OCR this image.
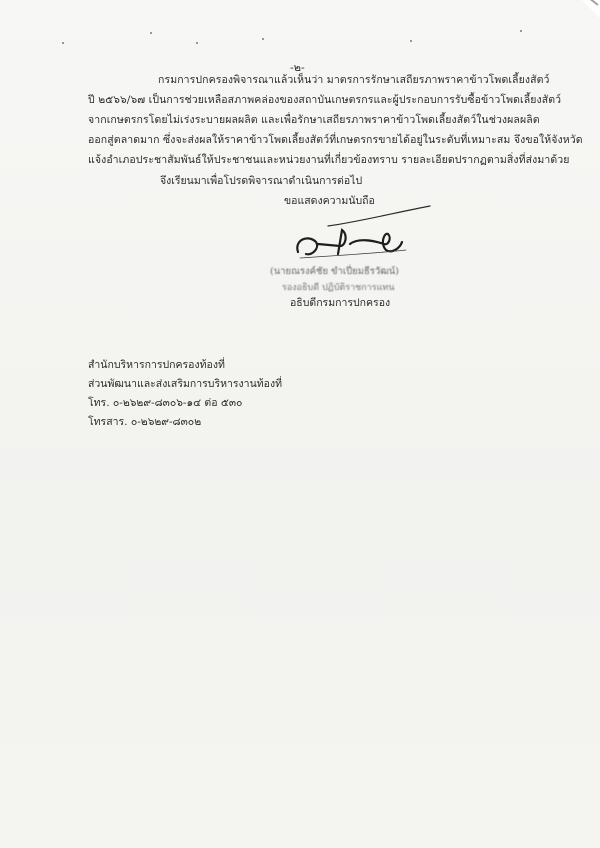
-๒-
กรมการปกครองพิจารณาแล้วเห็นว่า มาตรการรักษาเสถียรภาพราคาข้าวโพดเลี้ยงสัตว์
ปี ๒๕๖๖/๖๗ เป็นการช่วยเหลือสภาพคล่องของสถาบันเกษตรกรและผู้ประกอบการรับซื้อข้าวโพดเลี้ยงสัตว์
จากเกษตรกรโดยไม่เร่งระบายผลผลิต และเพื่อรักษาเสถียรภาพราคาข้าวโพดเลี้ยงสัตว์ในช่วงผลผลิต
ออกสู่ตลาดมาก ซึ่งจะส่งผลให้ราคาข้าวโพดเลี้ยงสัตว์ที่เกษตรกรขายได้อยู่ในระดับที่เหมาะสม จึงขอให้จังหวัด
แจ้งอำเภอประชาสัมพันธ์ให้ประชาชนและหน่วยงานที่เกี่ยวข้องทราบ รายละเอียดปรากฏตามสิ่งที่ส่งมาด้วย
จึงเรียนมาเพื่อโปรดพิจารณาดำเนินการต่อไป
ขอแสดงความนับถือ
(นายณรงค์ชัย ขำเปี่ยมธีรวัฒน์)
รองอธิบดี ปฏิบัติราชการแทน
อธิบดีกรมการปกครอง
สำนักบริหารการปกครองท้องที่
ส่วนพัฒนาและส่งเสริมการบริหารงานท้องที่
โทร. ๐-๒๖๒๙-๘๓๐๖-๑๔ ต่อ ๕๓๐
โทรสาร. ๐-๒๖๒๙-๘๓๐๒
